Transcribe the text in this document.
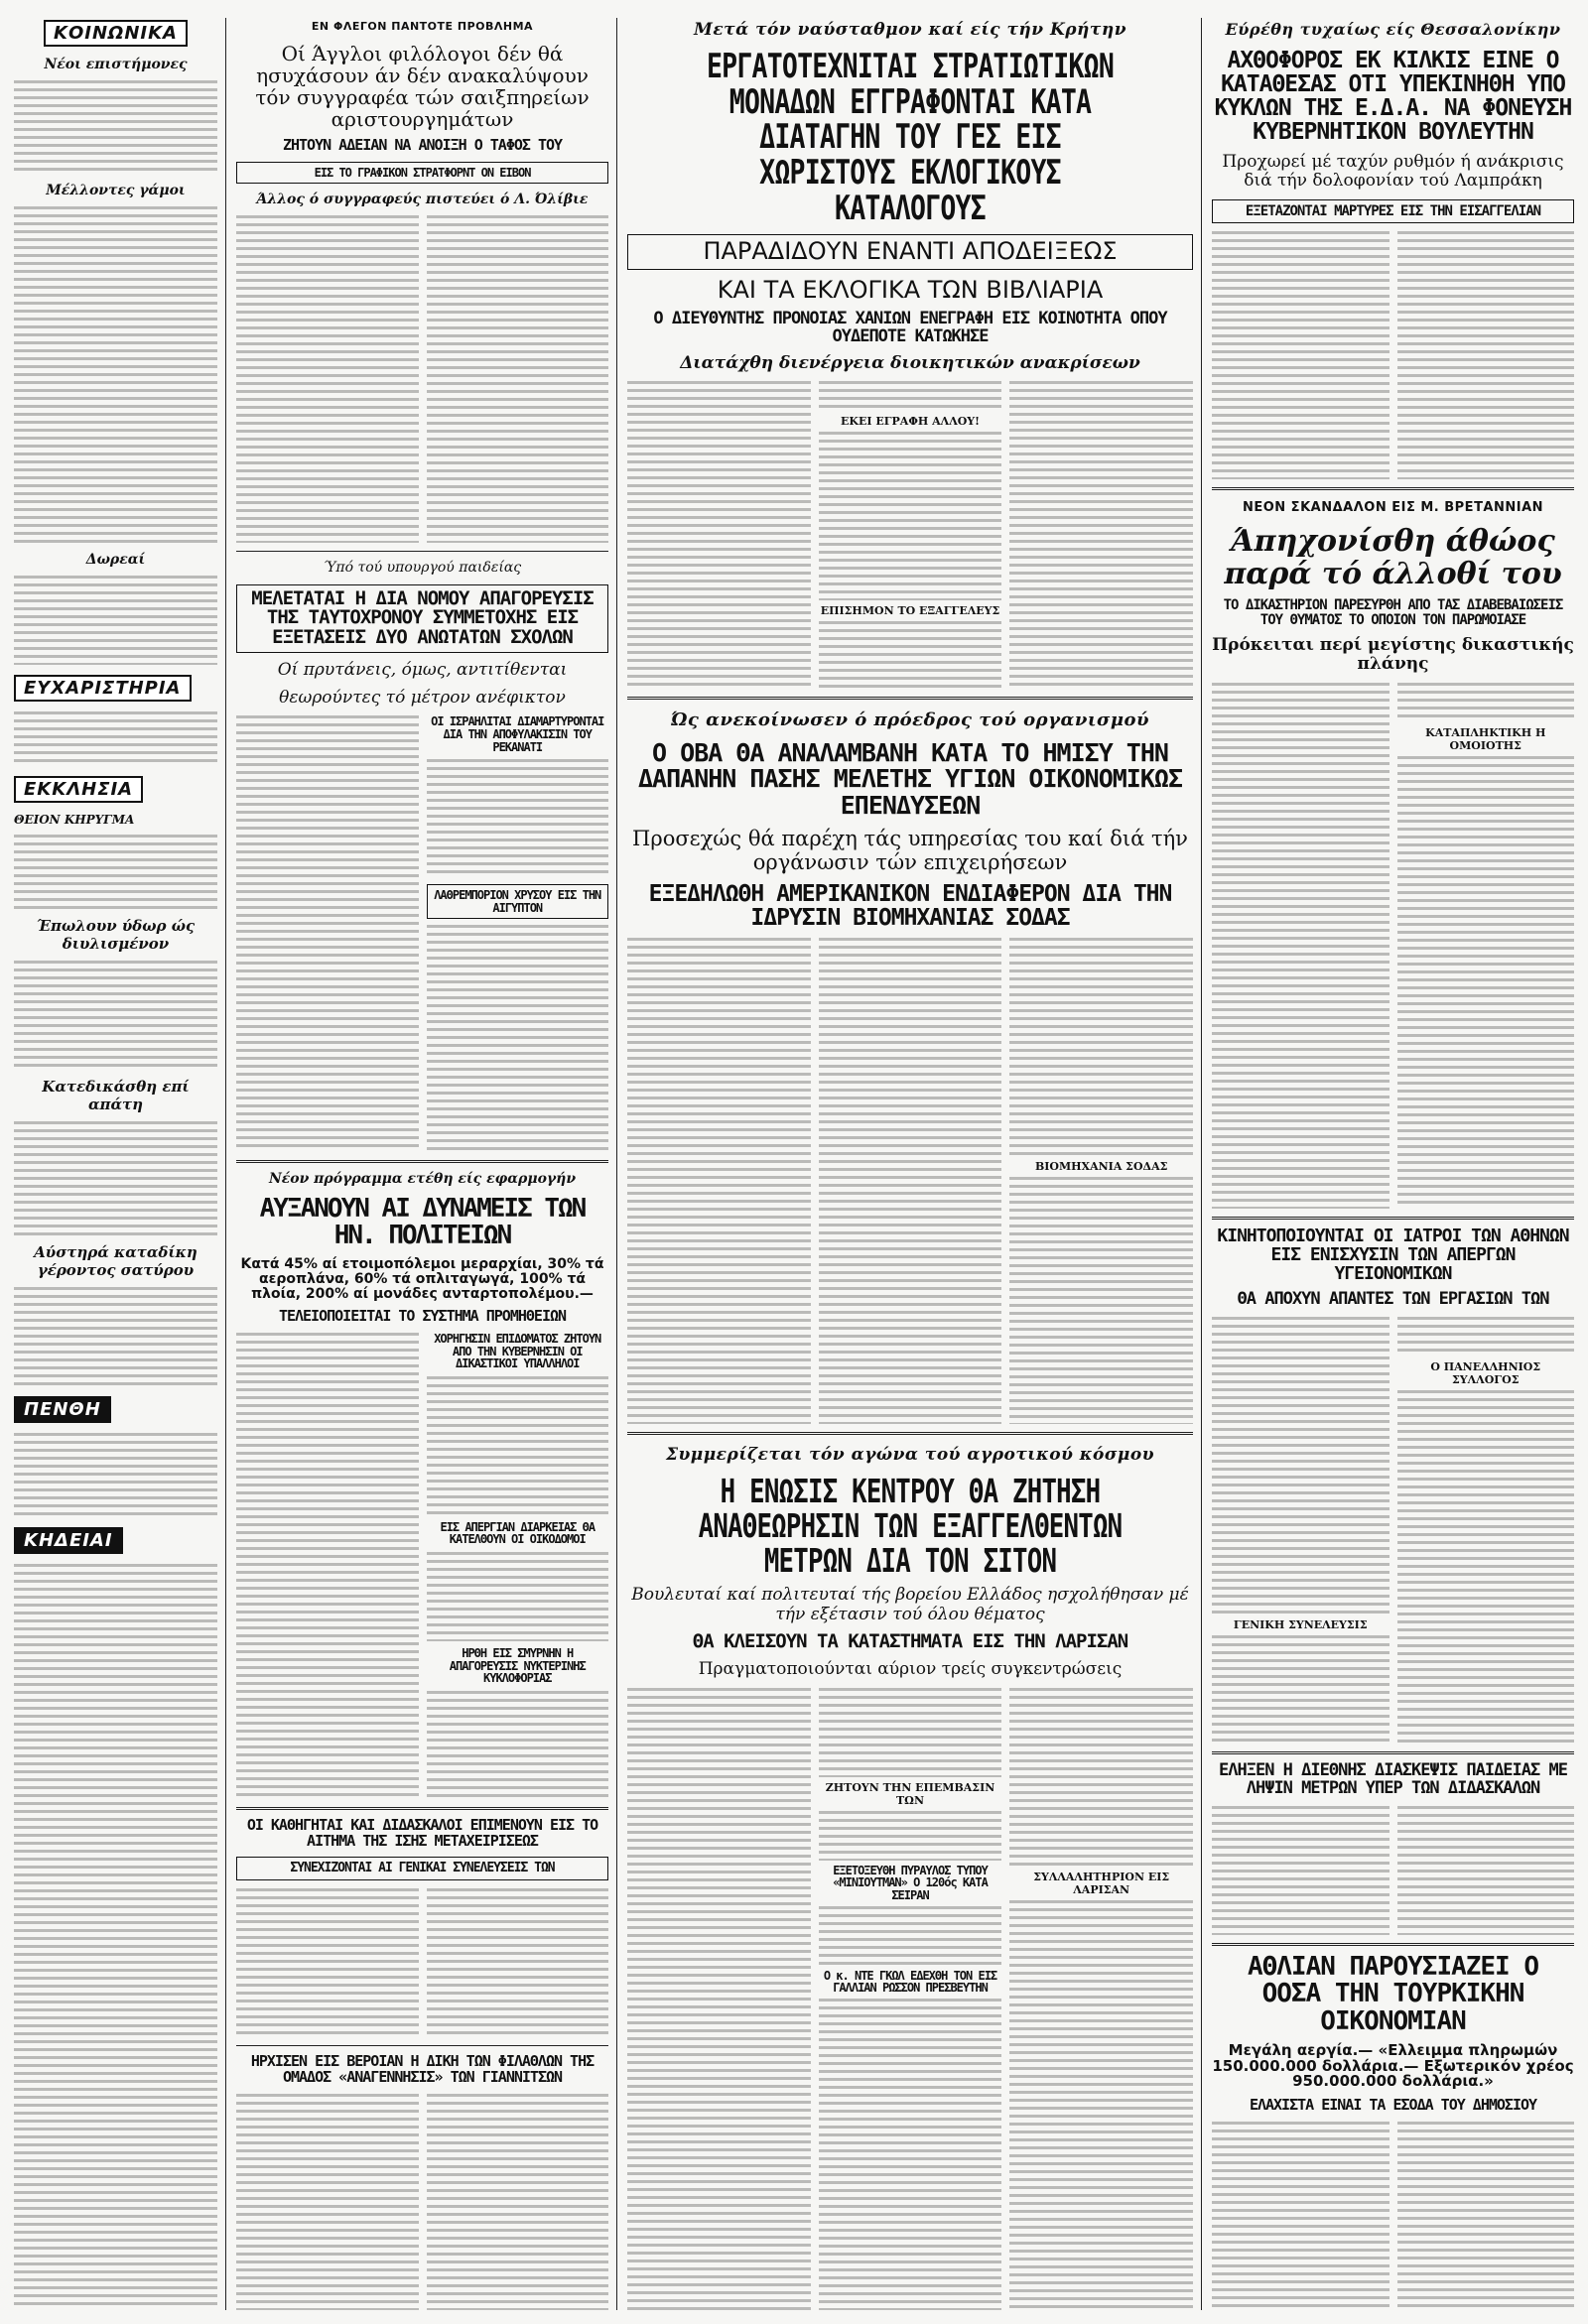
ΚΟΙΝΩΝΙΚΑ
Νέοι επιστήμονες
Μέλλοντες γάμοι
Δωρεαί
ΕΥΧΑΡΙΣΤΗΡΙΑ
ΕΚΚΛΗΣΙΑ
ΘΕΙΟΝ ΚΗΡΥΓΜΑ
Έπωλουν ύδωρ ώς διυλισμένον
Κατεδικάσθη επί απάτη
Αύστηρά καταδίκη γέροντος σατύρου
ΠΕΝΘΗ
ΚΗΔΕΙΑΙ
ΕΝ ΦΛΕΓΟΝ ΠΑΝΤΟΤΕ ΠΡΟΒΛΗΜΑ
Οί Άγγλοι φιλόλογοι δέν θά ησυχάσουν άν δέν ανακαλύψουν τόν συγγραφέα τών σαιξπηρείων αριστουργημάτων
ΖΗΤΟΥΝ ΑΔΕΙΑΝ ΝΑ ΑΝΟΙΞΗ Ο ΤΑΦΟΣ ΤΟΥ
ΕΙΣ ΤΟ ΓΡΑΦΙΚΟΝ ΣΤΡΑΤΦΟΡΝΤ ΟΝ ΕΙΒΟΝ
Άλλος ό συγγραφεύς πιστεύει ό Λ. Όλίβιε
Ύπό τού υπουργού παιδείας
ΜΕΛΕΤΑΤΑΙ Η ΔΙΑ ΝΟΜΟΥ ΑΠΑΓΟΡΕΥΣΙΣ ΤΗΣ ΤΑΥΤΟΧΡΟΝΟΥ ΣΥΜΜΕΤΟΧΗΣ ΕΙΣ ΕΞΕΤΑΣΕΙΣ ΔΥΟ ΑΝΩΤΑΤΩΝ ΣΧΟΛΩΝ
Οί πρυτάνεις, όμως, αντιτίθενται
θεωρούντες τό μέτρον ανέφικτον
ΟΙ ΙΣΡΑΗΛΙΤΑΙ ΔΙΑΜΑΡΤΥΡΟΝΤΑΙ ΔΙΑ ΤΗΝ ΑΠΟΦΥΛΑΚΙΣΙΝ ΤΟΥ ΡΕΚΑΝΑΤΙ
ΛΑΘΡΕΜΠΟΡΙΟΝ ΧΡΥΣΟΥ ΕΙΣ ΤΗΝ ΑΙΓΥΠΤΟΝ
Νέον πρόγραμμα ετέθη είς εφαρμογήν
ΑΥΞΑΝΟΥΝ ΑΙ ΔΥΝΑΜΕΙΣ ΤΩΝ ΗΝ. ΠΟΛΙΤΕΙΩΝ
Κατά 45% αί ετοιμοπόλεμοι μεραρχίαι, 30% τά αεροπλάνα, 60% τά οπλιταγωγά, 100% τά πλοία, 200% αί μονάδες ανταρτοπολέμου.—
ΤΕΛΕΙΟΠΟΙΕΙΤΑΙ ΤΟ ΣΥΣΤΗΜΑ ΠΡΟΜΗΘΕΙΩΝ
ΧΟΡΗΓΗΣΙΝ ΕΠΙΔΟΜΑΤΟΣ ΖΗΤΟΥΝ ΑΠΟ ΤΗΝ ΚΥΒΕΡΝΗΣΙΝ ΟΙ ΔΙΚΑΣΤΙΚΟΙ ΥΠΑΛΛΗΛΟΙ
ΕΙΣ ΑΠΕΡΓΙΑΝ ΔΙΑΡΚΕΙΑΣ ΘΑ ΚΑΤΕΛΘΟΥΝ ΟΙ ΟΙΚΟΔΟΜΟΙ
ΗΡΘΗ ΕΙΣ ΣΜΥΡΝΗΝ Η ΑΠΑΓΟΡΕΥΣΙΣ ΝΥΚΤΕΡΙΝΗΣ ΚΥΚΛΟΦΟΡΙΑΣ
ΟΙ ΚΑΘΗΓΗΤΑΙ ΚΑΙ ΔΙΔΑΣΚΑΛΟΙ ΕΠΙΜΕΝΟΥΝ ΕΙΣ ΤΟ ΑΙΤΗΜΑ ΤΗΣ ΙΣΗΣ ΜΕΤΑΧΕΙΡΙΣΕΩΣ
ΣΥΝΕΧΙΖΟΝΤΑΙ ΑΙ ΓΕΝΙΚΑΙ ΣΥΝΕΛΕΥΣΕΙΣ ΤΩΝ
ΗΡΧΙΣΕΝ ΕΙΣ ΒΕΡΟΙΑΝ Η ΔΙΚΗ ΤΩΝ ΦΙΛΑΘΛΩΝ ΤΗΣ ΟΜΑΔΟΣ «ΑΝΑΓΕΝΝΗΣΙΣ» ΤΩΝ ΓΙΑΝΝΙΤΣΩΝ
Μετά τόν ναύσταθμον καί είς τήν Κρήτην
ΕΡΓΑΤΟΤΕΧΝΙΤΑΙ ΣΤΡΑΤΙΩΤΙΚΩΝ ΜΟΝΑΔΩΝ ΕΓΓΡΑΦΟΝΤΑΙ ΚΑΤΑ ΔΙΑΤΑΓΗΝ ΤΟΥ ΓΕΣ ΕΙΣ ΧΩΡΙΣΤΟΥΣ ΕΚΛΟΓΙΚΟΥΣ ΚΑΤΑΛΟΓΟΥΣ
ΠΑΡΑΔΙΔΟΥΝ ΕΝΑΝΤΙ ΑΠΟΔΕΙΞΕΩΣ
ΚΑΙ ΤΑ ΕΚΛΟΓΙΚΑ ΤΩΝ ΒΙΒΛΙΑΡΙΑ
Ο ΔΙΕΥΘΥΝΤΗΣ ΠΡΟΝΟΙΑΣ ΧΑΝΙΩΝ ΕΝΕΓΡΑΦΗ ΕΙΣ ΚΟΙΝΟΤΗΤΑ ΟΠΟΥ ΟΥΔΕΠΟΤΕ ΚΑΤΩΚΗΣΕ
Διατάχθη διενέργεια διοικητικών ανακρίσεων
ΕΚΕΙ ΕΓΡΑΦΗ ΑΛΛΟΥ!
ΕΠΙΣΗΜΟΝ ΤΟ ΕΞΑΓΓΕΛΕΥΣ
Ώς ανεκοίνωσεν ό πρόεδρος τού οργανισμού
Ο ΟΒΑ ΘΑ ΑΝΑΛΑΜΒΑΝΗ ΚΑΤΑ ΤΟ ΗΜΙΣΥ ΤΗΝ ΔΑΠΑΝΗΝ ΠΑΣΗΣ ΜΕΛΕΤΗΣ ΥΓΙΩΝ ΟΙΚΟΝΟΜΙΚΩΣ ΕΠΕΝΔΥΣΕΩΝ
Προσεχώς θά παρέχη τάς υπηρεσίας του καί διά τήν οργάνωσιν τών επιχειρήσεων
ΕΞΕΔΗΛΩΘΗ ΑΜΕΡΙΚΑΝΙΚΟΝ ΕΝΔΙΑΦΕΡΟΝ ΔΙΑ ΤΗΝ ΙΔΡΥΣΙΝ ΒΙΟΜΗΧΑΝΙΑΣ ΣΟΔΑΣ
ΒΙΟΜΗΧΑΝΙΑ ΣΟΔΑΣ
Συμμερίζεται τόν αγώνα τού αγροτικού κόσμου
Η ΕΝΩΣΙΣ ΚΕΝΤΡΟΥ ΘΑ ΖΗΤΗΣΗ ΑΝΑΘΕΩΡΗΣΙΝ ΤΩΝ ΕΞΑΓΓΕΛΘΕΝΤΩΝ ΜΕΤΡΩΝ ΔΙΑ ΤΟΝ ΣΙΤΟΝ
Βουλευταί καί πολιτευταί τής βορείου Ελλάδος ησχολήθησαν μέ τήν εξέτασιν τού όλου θέματος
ΘΑ ΚΛΕΙΣΟΥΝ ΤΑ ΚΑΤΑΣΤΗΜΑΤΑ ΕΙΣ ΤΗΝ ΛΑΡΙΣΑΝ
Πραγματοποιούνται αύριον τρείς συγκεντρώσεις
ΖΗΤΟΥΝ ΤΗΝ ΕΠΕΜΒΑΣΙΝ ΤΩΝ
ΕΞΕΤΟΞΕΥΘΗ ΠΥΡΑΥΛΟΣ ΤΥΠΟΥ «ΜΙΝΙΟΥΤΜΑΝ» Ο 120ός ΚΑΤΑ ΣΕΙΡΑΝ
Ο κ. ΝΤΕ ΓΚΩΛ ΕΔΕΧΘΗ ΤΟΝ ΕΙΣ ΓΑΛΛΙΑΝ ΡΩΣΣΟΝ ΠΡΕΣΒΕΥΤΗΝ
ΣΥΛΛΑΛΗΤΗΡΙΟΝ ΕΙΣ ΛΑΡΙΣΑΝ
Εύρέθη τυχαίως είς Θεσσαλονίκην
ΑΧΘΟΦΟΡΟΣ ΕΚ ΚΙΛΚΙΣ ΕΙΝΕ Ο ΚΑΤΑΘΕΣΑΣ ΟΤΙ ΥΠΕΚΙΝΗΘΗ ΥΠΟ ΚΥΚΛΩΝ ΤΗΣ Ε.Δ.Α. ΝΑ ΦΟΝΕΥΣΗ ΚΥΒΕΡΝΗΤΙΚΟΝ ΒΟΥΛΕΥΤΗΝ
Προχωρεί μέ ταχύν ρυθμόν ή ανάκρισις διά τήν δολοφονίαν τού Λαμπράκη
ΕΞΕΤΑΖΟΝΤΑΙ ΜΑΡΤΥΡΕΣ ΕΙΣ ΤΗΝ ΕΙΣΑΓΓΕΛΙΑΝ
ΝΕΟΝ ΣΚΑΝΔΑΛΟΝ ΕΙΣ Μ. ΒΡΕΤΑΝΝΙΑΝ
Άπηχονίσθη άθώος παρά τό άλλοθί του
ΤΟ ΔΙΚΑΣΤΗΡΙΟΝ ΠΑΡΕΣΥΡΘΗ ΑΠΟ ΤΑΣ ΔΙΑΒΕΒΑΙΩΣΕΙΣ ΤΟΥ ΘΥΜΑΤΟΣ ΤΟ ΟΠΟΙΟΝ ΤΟΝ ΠΑΡΩΜΟΙΑΣΕ
Πρόκειται περί μεγίστης δικαστικής πλάνης
ΚΑΤΑΠΛΗΚΤΙΚΗ Η ΟΜΟΙΟΤΗΣ
ΚΙΝΗΤΟΠΟΙΟΥΝΤΑΙ ΟΙ ΙΑΤΡΟΙ ΤΩΝ ΑΘΗΝΩΝ ΕΙΣ ΕΝΙΣΧΥΣΙΝ ΤΩΝ ΑΠΕΡΓΩΝ ΥΓΕΙΟΝΟΜΙΚΩΝ
ΘΑ ΑΠΟΧΥΝ ΑΠΑΝΤΕΣ ΤΩΝ ΕΡΓΑΣΙΩΝ ΤΩΝ
ΓΕΝΙΚΗ ΣΥΝΕΛΕΥΣΙΣ
Ο ΠΑΝΕΛΛΗΝΙΟΣ ΣΥΛΛΟΓΟΣ
ΕΛΗΞΕΝ Η ΔΙΕΘΝΗΣ ΔΙΑΣΚΕΨΙΣ ΠΑΙΔΕΙΑΣ ΜΕ ΛΗΨΙΝ ΜΕΤΡΩΝ ΥΠΕΡ ΤΩΝ ΔΙΔΑΣΚΑΛΩΝ
ΑΘΛΙΑΝ ΠΑΡΟΥΣΙΑΖΕΙ Ο ΟΟΣΑ ΤΗΝ ΤΟΥΡΚΙΚΗΝ ΟΙΚΟΝΟΜΙΑΝ
Μεγάλη αεργία.— «Ελλειμμα πληρωμών 150.000.000 δολλάρια.— Εξωτερικόν χρέος 950.000.000 δολλάρια.»
ΕΛΑΧΙΣΤΑ ΕΙΝΑΙ ΤΑ ΕΣΟΔΑ ΤΟΥ ΔΗΜΟΣΙΟΥ
